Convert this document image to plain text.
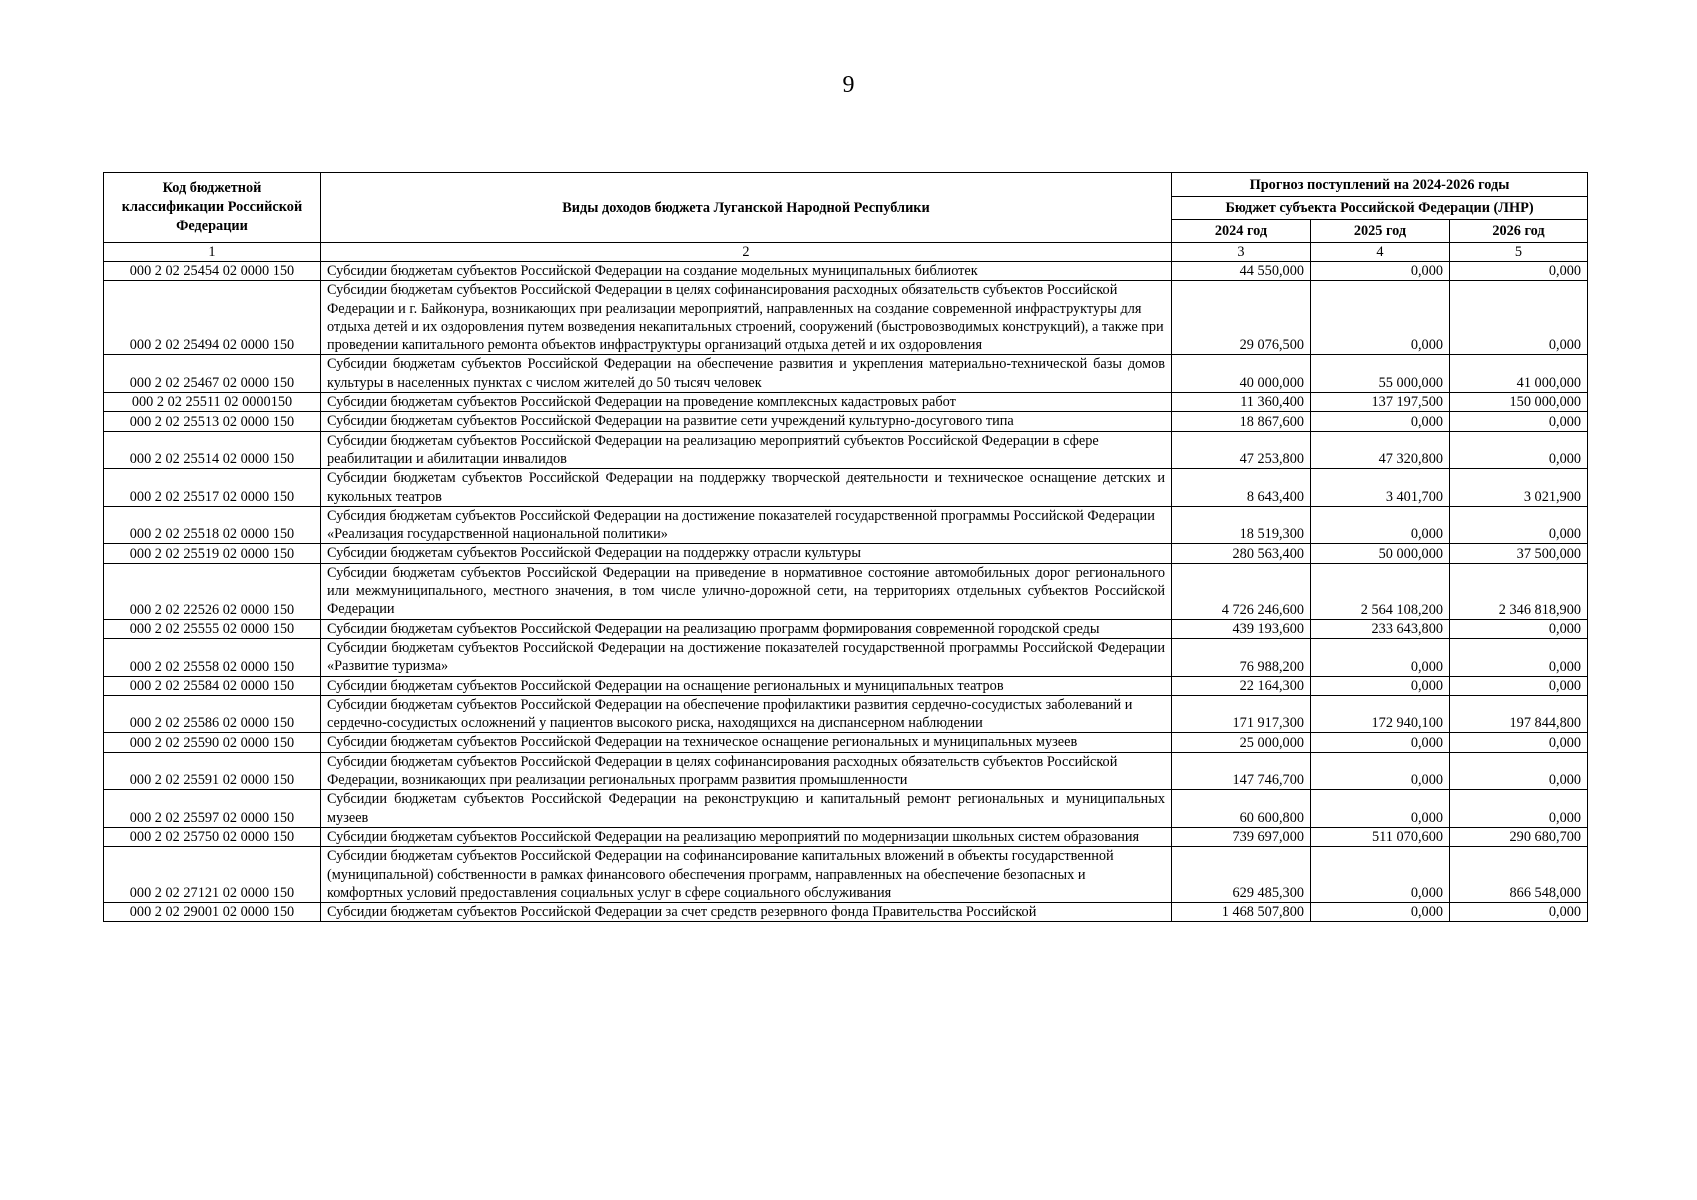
9
Код бюджетной классификации Российской Федерации	Виды доходов бюджета Луганской Народной Республики	Прогноз поступлений на 2024-2026 годы		
		Бюджет субъекта Российской Федерации (ЛНР)		
		2024 год	2025 год	2026 год
1	2	3	4	5
000 2 02 25454 02 0000 150	Субсидии бюджетам субъектов Российской Федерации на создание модельных муниципальных библиотек	44 550,000	0,000	0,000
000 2 02 25494 02 0000 150	Субсидии бюджетам субъектов Российской Федерации в целях софинансирования расходных обязательств субъектов Российской Федерации и г. Байконура, возникающих при реализации мероприятий, направленных на создание современной инфраструктуры для отдыха детей и их оздоровления путем возведения некапитальных строений, сооружений (быстровозводимых конструкций), а также при проведении капитального ремонта объектов инфраструктуры организаций отдыха детей и их оздоровления	29 076,500	0,000	0,000
000 2 02 25467 02 0000 150	Субсидии бюджетам субъектов Российской Федерации на обеспечение развития и укрепления материально-технической базы домов культуры в населенных пунктах с числом жителей до 50 тысяч человек	40 000,000	55 000,000	41 000,000
000 2 02 25511 02 0000150	Субсидии бюджетам субъектов Российской Федерации на проведение комплексных кадастровых работ	11 360,400	137 197,500	150 000,000
000 2 02 25513 02 0000 150	Субсидии бюджетам субъектов Российской Федерации на развитие сети учреждений культурно-досугового типа	18 867,600	0,000	0,000
000 2 02 25514 02 0000 150	Субсидии бюджетам субъектов Российской Федерации на реализацию мероприятий субъектов Российской Федерации в сфере реабилитации и абилитации инвалидов	47 253,800	47 320,800	0,000
000 2 02 25517 02 0000 150	Субсидии бюджетам субъектов Российской Федерации на поддержку творческой деятельности и техническое оснащение детских и кукольных театров	8 643,400	3 401,700	3 021,900
000 2 02 25518 02 0000 150	Субсидия бюджетам субъектов Российской Федерации на достижение показателей государственной программы Российской Федерации «Реализация государственной национальной политики»	18 519,300	0,000	0,000
000 2 02 25519 02 0000 150	Субсидии бюджетам субъектов Российской Федерации на поддержку отрасли культуры	280 563,400	50 000,000	37 500,000
000 2 02 22526 02 0000 150	Субсидии бюджетам субъектов Российской Федерации на приведение в нормативное состояние автомобильных дорог регионального или межмуниципального, местного значения, в том числе улично-дорожной сети, на территориях отдельных субъектов Российской Федерации	4 726 246,600	2 564 108,200	2 346 818,900
000 2 02 25555 02 0000 150	Субсидии бюджетам субъектов Российской Федерации на реализацию программ формирования современной городской среды	439 193,600	233 643,800	0,000
000 2 02 25558 02 0000 150	Субсидии бюджетам субъектов Российской Федерации на достижение показателей государственной программы Российской Федерации «Развитие туризма»	76 988,200	0,000	0,000
000 2 02 25584 02 0000 150	Субсидии бюджетам субъектов Российской Федерации на оснащение региональных и муниципальных театров	22 164,300	0,000	0,000
000 2 02 25586 02 0000 150	Субсидии бюджетам субъектов Российской Федерации на обеспечение профилактики развития сердечно-сосудистых заболеваний и сердечно-сосудистых осложнений у пациентов высокого риска, находящихся на диспансерном наблюдении	171 917,300	172 940,100	197 844,800
000 2 02 25590 02 0000 150	Субсидии бюджетам субъектов Российской Федерации на техническое оснащение региональных и муниципальных музеев	25 000,000	0,000	0,000
000 2 02 25591 02 0000 150	Субсидии бюджетам субъектов Российской Федерации в целях софинансирования расходных обязательств субъектов Российской Федерации, возникающих при реализации региональных программ развития промышленности	147 746,700	0,000	0,000
000 2 02 25597 02 0000 150	Субсидии бюджетам субъектов Российской Федерации на реконструкцию и капитальный ремонт региональных и муниципальных музеев	60 600,800	0,000	0,000
000 2 02 25750 02 0000 150	Субсидии бюджетам субъектов Российской Федерации на реализацию мероприятий по модернизации школьных систем образования	739 697,000	511 070,600	290 680,700
000 2 02 27121 02 0000 150	Субсидии бюджетам субъектов Российской Федерации на софинансирование капитальных вложений в объекты государственной (муниципальной) собственности в рамках финансового обеспечения программ, направленных на обеспечение безопасных и комфортных условий предоставления социальных услуг в сфере социального обслуживания	629 485,300	0,000	866 548,000
000 2 02 29001 02 0000 150	Субсидии бюджетам субъектов Российской Федерации за счет средств резервного фонда Правительства Российской	1 468 507,800	0,000	0,000
